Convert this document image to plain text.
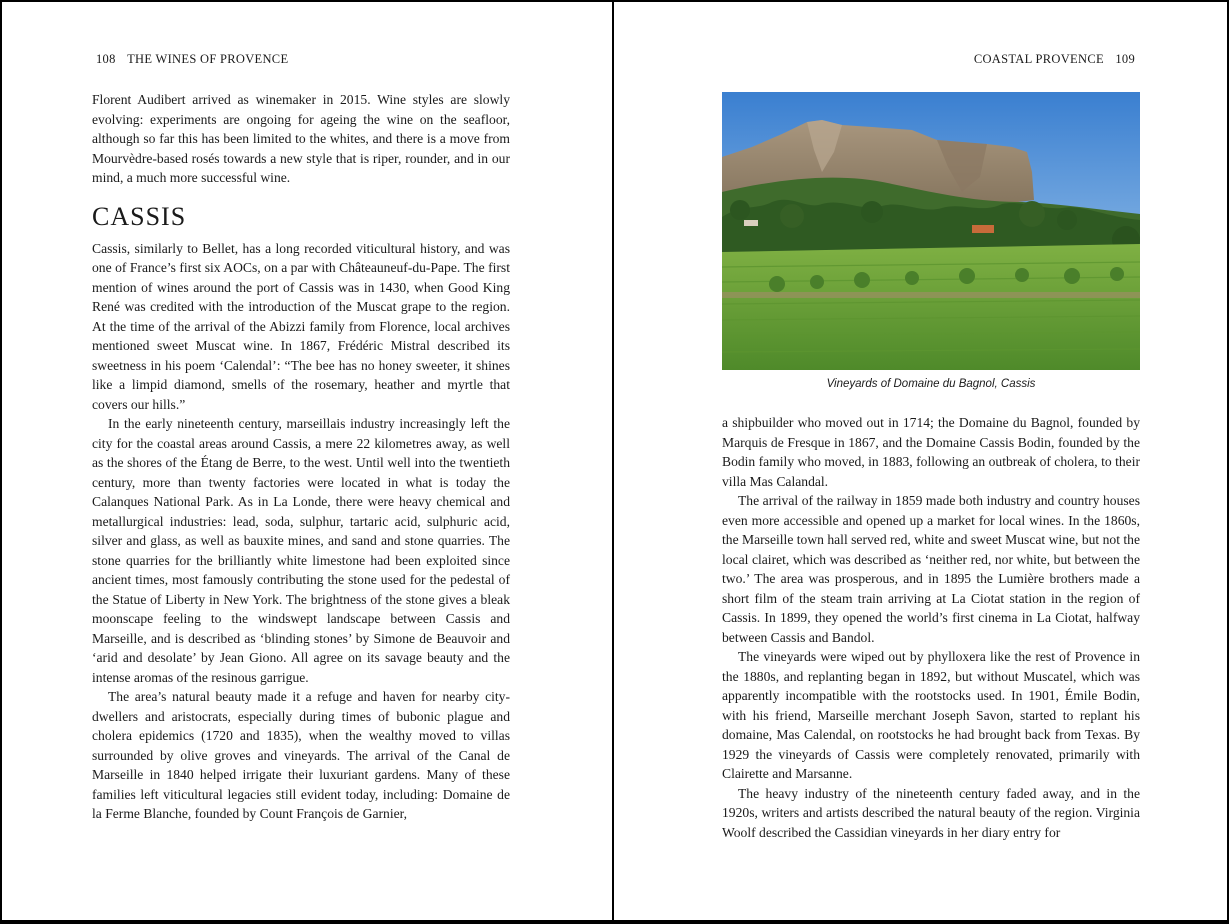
108 THE WINES OF PROVENCE

Florent Audibert arrived as winemaker in 2015. Wine styles are slowly evolving: experiments are ongoing for ageing the wine on the seafloor, although so far this has been limited to the whites, and there is a move from Mourvèdre-based rosés towards a new style that is riper, rounder, and in our mind, a much more successful wine.

CASSIS

Cassis, similarly to Bellet, has a long recorded viticultural history, and was one of France’s first six AOCs, on a par with Châteauneuf-du-Pape. The first mention of wines around the port of Cassis was in 1430, when Good King René was credited with the introduction of the Muscat grape to the region. At the time of the arrival of the Abizzi family from Florence, local archives mentioned sweet Muscat wine. In 1867, Frédéric Mistral described its sweetness in his poem ‘Calendal’: “The bee has no honey sweeter, it shines like a limpid diamond, smells of the rosemary, heather and myrtle that covers our hills.”

In the early nineteenth century, marseillais industry increasingly left the city for the coastal areas around Cassis, a mere 22 kilometres away, as well as the shores of the Étang de Berre, to the west. Until well into the twentieth century, more than twenty factories were located in what is today the Calanques National Park. As in La Londe, there were heavy chemical and metallurgical industries: lead, soda, sulphur, tartaric acid, sulphuric acid, silver and glass, as well as bauxite mines, and sand and stone quarries. The stone quarries for the brilliantly white limestone had been exploited since ancient times, most famously contributing the stone used for the pedestal of the Statue of Liberty in New York. The brightness of the stone gives a bleak moonscape feeling to the windswept landscape between Cassis and Marseille, and is described as ‘blinding stones’ by Simone de Beauvoir and ‘arid and desolate’ by Jean Giono. All agree on its savage beauty and the intense aromas of the resinous garrigue.

The area’s natural beauty made it a refuge and haven for nearby city-dwellers and aristocrats, especially during times of bubonic plague and cholera epidemics (1720 and 1835), when the wealthy moved to villas surrounded by olive groves and vineyards. The arrival of the Canal de Marseille in 1840 helped irrigate their luxuriant gardens. Many of these families left viticultural legacies still evident today, including: Domaine de la Ferme Blanche, founded by Count François de Garnier,

COASTAL PROVENCE 109
Vineyards of Domaine du Bagnol, Cassis

a shipbuilder who moved out in 1714; the Domaine du Bagnol, founded by Marquis de Fresque in 1867, and the Domaine Cassis Bodin, founded by the Bodin family who moved, in 1883, following an outbreak of cholera, to their villa Mas Calandal.

The arrival of the railway in 1859 made both industry and country houses even more accessible and opened up a market for local wines. In the 1860s, the Marseille town hall served red, white and sweet Muscat wine, but not the local clairet, which was described as ‘neither red, nor white, but between the two.’ The area was prosperous, and in 1895 the Lumière brothers made a short film of the steam train arriving at La Ciotat station in the region of Cassis. In 1899, they opened the world’s first cinema in La Ciotat, halfway between Cassis and Bandol.

The vineyards were wiped out by phylloxera like the rest of Provence in the 1880s, and replanting began in 1892, but without Muscatel, which was apparently incompatible with the rootstocks used. In 1901, Émile Bodin, with his friend, Marseille merchant Joseph Savon, started to replant his domaine, Mas Calendal, on rootstocks he had brought back from Texas. By 1929 the vineyards of Cassis were completely renovated, primarily with Clairette and Marsanne.

The heavy industry of the nineteenth century faded away, and in the 1920s, writers and artists described the natural beauty of the region. Virginia Woolf described the Cassidian vineyards in her diary entry for
